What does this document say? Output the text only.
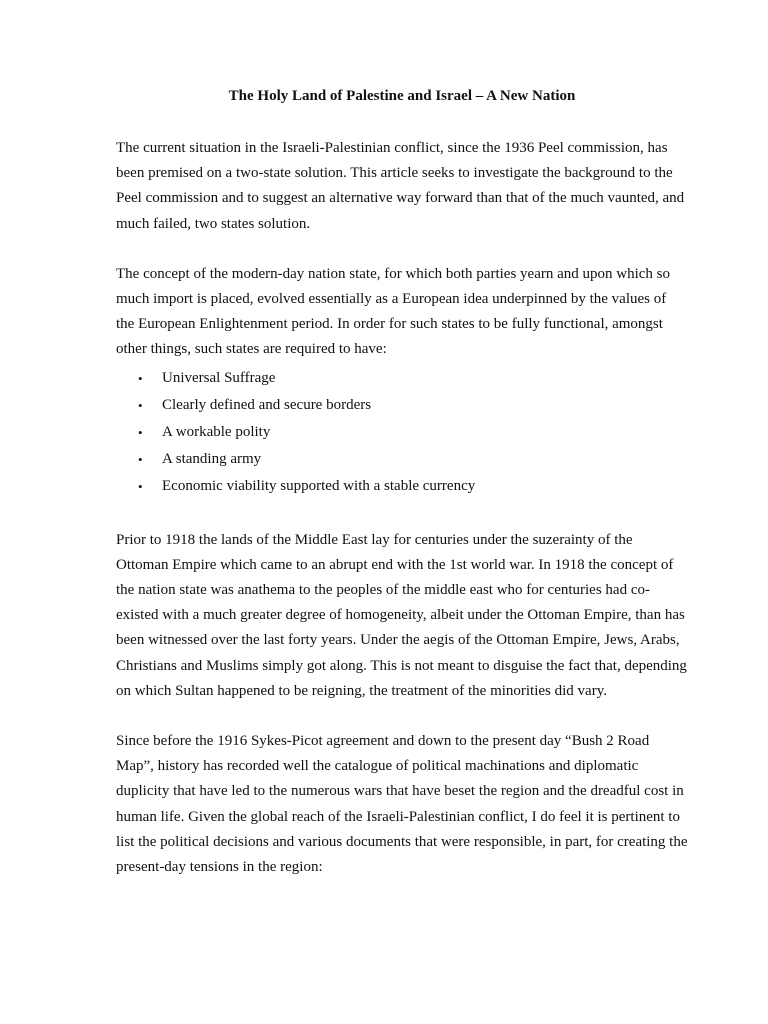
The Holy Land of Palestine and Israel – A New Nation

The current situation in the Israeli-Palestinian conflict, since the 1936 Peel commission, has been premised on a two-state solution. This article seeks to investigate the background to the Peel commission and to suggest an alternative way forward than that of the much vaunted, and much failed, two states solution.

The concept of the modern-day nation state, for which both parties yearn and upon which so much import is placed, evolved essentially as a European idea underpinned by the values of the European Enlightenment period. In order for such states to be fully functional, amongst other things, such states are required to have:

• Universal Suffrage
• Clearly defined and secure borders
• A workable polity
• A standing army
• Economic viability supported with a stable currency

Prior to 1918 the lands of the Middle East lay for centuries under the suzerainty of the Ottoman Empire which came to an abrupt end with the 1st world war. In 1918 the concept of the nation state was anathema to the peoples of the middle east who for centuries had co-existed with a much greater degree of homogeneity, albeit under the Ottoman Empire, than has been witnessed over the last forty years. Under the aegis of the Ottoman Empire, Jews, Arabs, Christians and Muslims simply got along. This is not meant to disguise the fact that, depending on which Sultan happened to be reigning, the treatment of the minorities did vary.

Since before the 1916 Sykes-Picot agreement and down to the present day “Bush 2 Road Map”, history has recorded well the catalogue of political machinations and diplomatic duplicity that have led to the numerous wars that have beset the region and the dreadful cost in human life. Given the global reach of the Israeli-Palestinian conflict, I do feel it is pertinent to list the political decisions and various documents that were responsible, in part, for creating the present-day tensions in the region:
